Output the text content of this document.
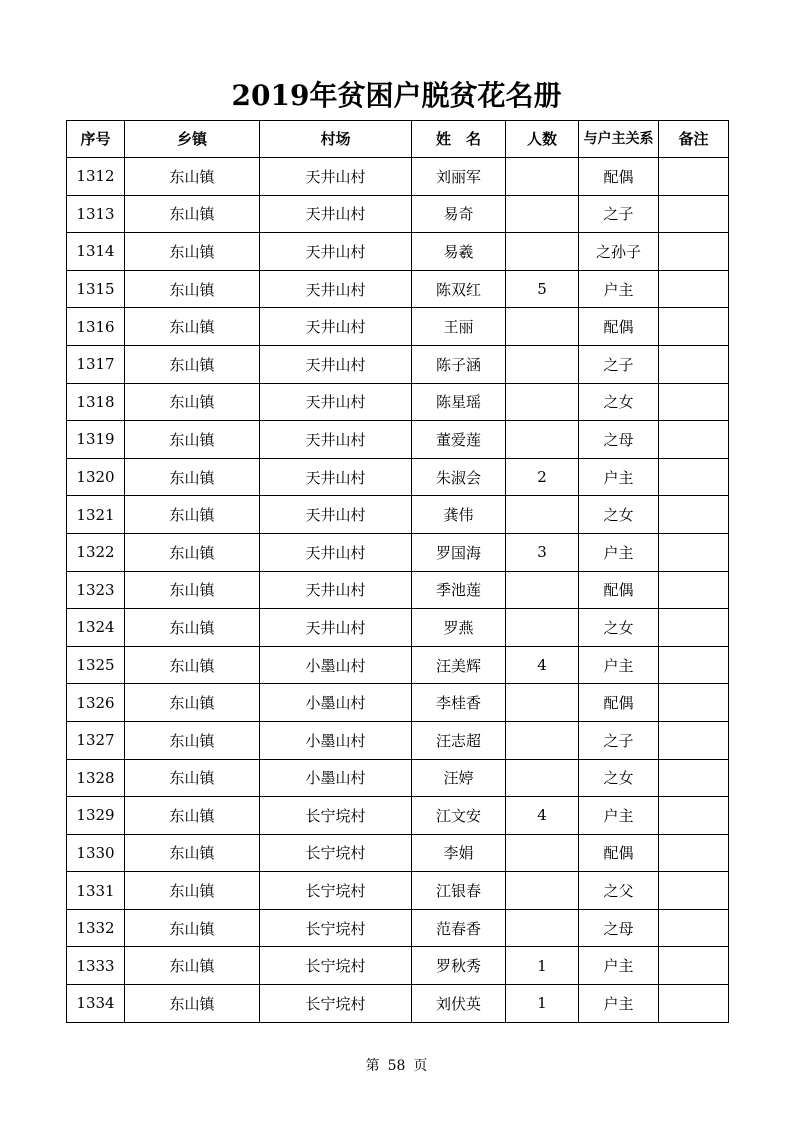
2019年贫困户脱贫花名册
序号	乡镇	村场	姓　名	人数	与户主关系	备注
1312	东山镇	天井山村	刘丽军		配偶	
1313	东山镇	天井山村	易奇		之子	
1314	东山镇	天井山村	易羲		之孙子	
1315	东山镇	天井山村	陈双红	5	户主	
1316	东山镇	天井山村	王丽		配偶	
1317	东山镇	天井山村	陈子涵		之子	
1318	东山镇	天井山村	陈星瑶		之女	
1319	东山镇	天井山村	董爱莲		之母	
1320	东山镇	天井山村	朱淑会	2	户主	
1321	东山镇	天井山村	龚伟		之女	
1322	东山镇	天井山村	罗国海	3	户主	
1323	东山镇	天井山村	季池莲		配偶	
1324	东山镇	天井山村	罗燕		之女	
1325	东山镇	小墨山村	汪美辉	4	户主	
1326	东山镇	小墨山村	李桂香		配偶	
1327	东山镇	小墨山村	汪志超		之子	
1328	东山镇	小墨山村	汪婷		之女	
1329	东山镇	长宁垸村	江文安	4	户主	
1330	东山镇	长宁垸村	李娟		配偶	
1331	东山镇	长宁垸村	江银春		之父	
1332	东山镇	长宁垸村	范春香		之母	
1333	东山镇	长宁垸村	罗秋秀	1	户主	
1334	东山镇	长宁垸村	刘伏英	1	户主	
第 58 页
